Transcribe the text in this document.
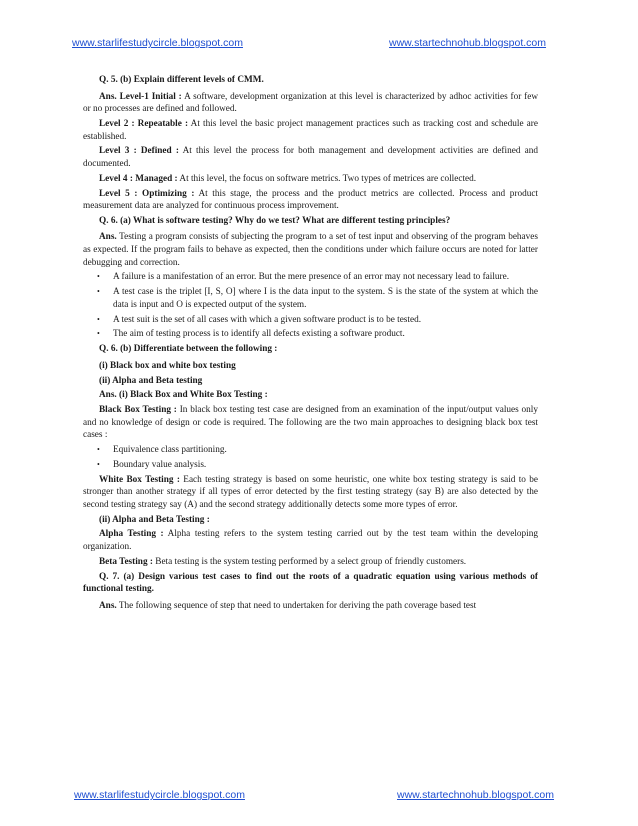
www.starlifestudycircle.blogspot.com	www.startechnohub.blogspot.com

Q. 5. (b) Explain different levels of CMM.

Ans. Level-1 Initial : A software, development organization at this level is characterized by adhoc activities for few or no processes are defined and followed.

Level 2 : Repeatable : At this level the basic project management practices such as tracking cost and schedule are established.

Level 3 : Defined : At this level the process for both management and development activities are defined and documented.

Level 4 : Managed : At this level, the focus on software metrics. Two types of metrices are collected.

Level 5 : Optimizing : At this stage, the process and the product metrics are collected. Process and product measurement data are analyzed for continuous process improvement.

Q. 6. (a) What is software testing? Why do we test? What are different testing principles?

Ans. Testing a program consists of subjecting the program to a set of test input and observing of the program behaves as expected. If the program fails to behave as expected, then the conditions under which failure occurs are noted for latter debugging and correction.

• A failure is a manifestation of an error. But the mere presence of an error may not necessary lead to failure.

• A test case is the triplet [I, S, O] where I is the data input to the system. S is the state of the system at which the data is input and O is expected output of the system.

• A test suit is the set of all cases with which a given software product is to be tested.

• The aim of testing process is to identify all defects existing a software product.

Q. 6. (b) Differentiate between the following :

(i) Black box and white box testing

(ii) Alpha and Beta testing

Ans. (i) Black Box and White Box Testing :

Black Box Testing : In black box testing test case are designed from an examination of the input/output values only and no knowledge of design or code is required. The following are the two main approaches to designing black box test cases :

• Equivalence class partitioning.

• Boundary value analysis.

White Box Testing : Each testing strategy is based on some heuristic, one white box testing strategy is said to be stronger than another strategy if all types of error detected by the first testing strategy (say B) are also detected by the second testing strategy say (A) and the second strategy additionally detects some more types of error.

(ii) Alpha and Beta Testing :

Alpha Testing : Alpha testing refers to the system testing carried out by the test team within the developing organization.

Beta Testing : Beta testing is the system testing performed by a select group of friendly customers.

Q. 7. (a) Design various test cases to find out the roots of a quadratic equation using various methods of functional testing.

Ans. The following sequence of step that need to undertaken for deriving the path coverage based test

www.starlifestudycircle.blogspot.com	www.startechnohub.blogspot.com
